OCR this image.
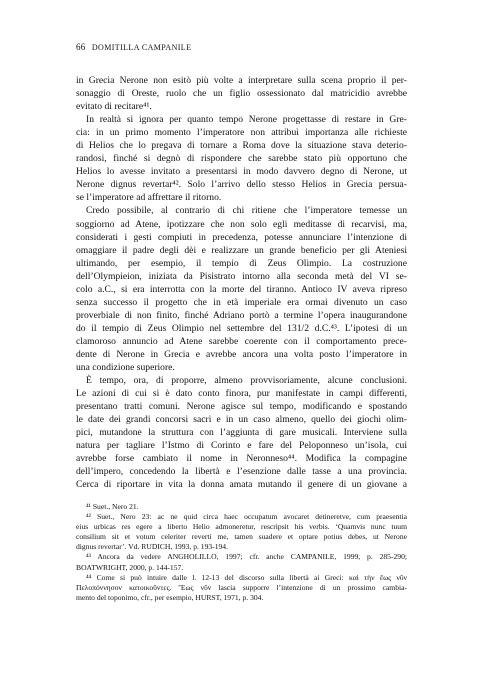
66 DOMITILLA CAMPANILE
in Grecia Nerone non esitò più volte a interpretare sulla scena proprio il per-
sonaggio di Oreste, ruolo che un figlio ossessionato dal matricidio avrebbe
evitato di recitare⁴¹.
In realtà si ignora per quanto tempo Nerone progettasse di restare in Gre-
cia: in un primo momento l’imperatore non attribuì importanza alle richieste
di Helios che lo pregava di tornare a Roma dove la situazione stava deterio-
randosi, finché si degnò di rispondere che sarebbe stato più opportuno che
Helios lo avesse invitato a presentarsi in modo davvero degno di Nerone, ut
Nerone dignus revertar⁴². Solo l’arrivo dello stesso Helios in Grecia persua-
se l’imperatore ad affrettare il ritorno.
Credo possibile, al contrario di chi ritiene che l’imperatore temesse un
soggiorno ad Atene, ipotizzare che non solo egli meditasse di recarvisi, ma,
considerati i gesti compiuti in precedenza, potesse annunciare l’intenzione di
omaggiare il padre degli dèi e realizzare un grande beneficio per gli Ateniesi
ultimando, per esempio, il tempio di Zeus Olimpio. La costruzione
dell’Olympieion, iniziata da Pisistrato intorno alla seconda metà del VI se-
colo a.C., si era interrotta con la morte del tiranno. Antioco IV aveva ripreso
senza successo il progetto che in età imperiale era ormai divenuto un caso
proverbiale di non finito, finché Adriano portò a termine l’opera inaugurandone
do il tempio di Zeus Olimpio nel settembre del 131/2 d.C.⁴³. L’ipotesi di un
clamoroso annuncio ad Atene sarebbe coerente con il comportamento prece-
dente di Nerone in Grecia e avrebbe ancora una volta posto l’imperatore in
una condizione superiore.
È tempo, ora, di proporre, almeno provvisoriamente, alcune conclusioni.
Le azioni di cui si è dato conto finora, pur manifestate in campi differenti,
presentano tratti comuni. Nerone agisce sul tempo, modificando e spostando
le date dei grandi concorsi sacri e in un caso almeno, quello dei giochi olim-
pici, mutandone la struttura con l’aggiunta di gare musicali. Interviene sulla
natura per tagliare l’Istmo di Corinto e fare del Peloponneso un’isola, cui
avrebbe forse cambiato il nome in Neronneso⁴⁴. Modifica la compagine
dell’impero, concedendo la libertà e l’esenzione dalle tasse a una provincia.
Cerca di riportare in vita la donna amata mutando il genere di un giovane a
⁴¹ Suet., Nero 21.
⁴² Suet., Nero 23: ac ne quid circa haec occupatum avocaret detineretve, cum praesentia
eius urbicas res egere a liberto Helio admoneretur, rescripsit his verbis. ‘Quamvis nunc tuum
consilium sit et votum celeriter reverti me, tamen suadere et optare potius debes, ut Nerone
dignus revertar’. Vd. RUDICH, 1993, p. 193-194.
⁴³ Ancora da vedere ANGHOLILLO, 1997; cfr. anche CAMPANILE, 1999, p. 285-290;
BOATWRIGHT, 2000, p. 144-157.
⁴⁴ Come si può intuire dalle l. 12-13 del discorso sulla libertà ai Greci: καὶ τὴν ἕως νῦν
Πελοπόννησον κατοικοῦντες. Ἕως νῦν lascia supporre l’intenzione di un prossimo cambia-
mento del toponimo, cfr., per esempio, HURST, 1971, p. 304.
